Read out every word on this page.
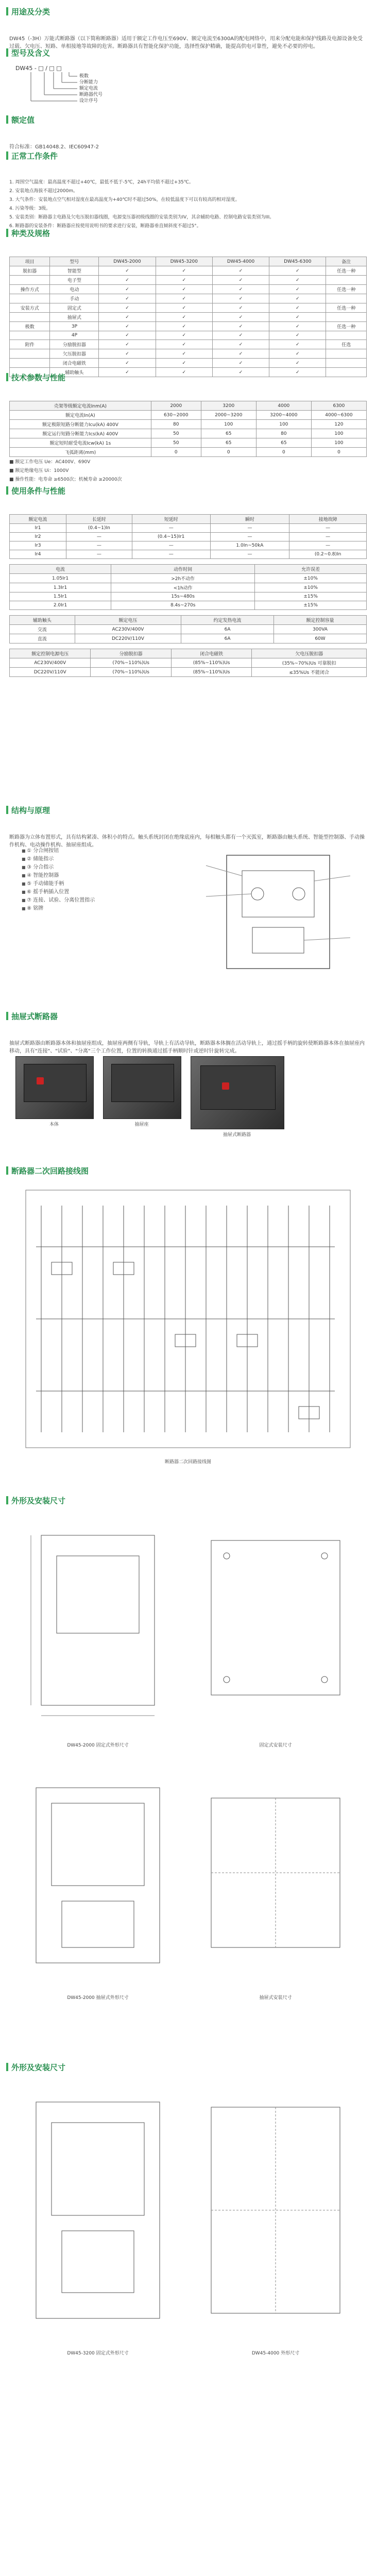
用途及分类
DW45（-3H）万能式断路器（以下简称断路器）适用于额定工作电压至690V、额定电流至6300A的配电网络中，用来分配电能和保护线路及电源设备免受过载、欠电压、短路、单相接地等故障的危害。断路器具有智能化保护功能，选择性保护精确，能提高供电可靠性，避免不必要的停电。
型号及含义
DW45 - □ / □ □
极数
分断能力
额定电流
断路器代号
设计序号
额定值
符合标准：GB14048.2、IEC60947-2
正常工作条件
1. 周围空气温度：最高温度不超过+40℃，最低不低于-5℃，24h平均值不超过+35℃。
2. 安装地点海拔不超过2000m。
3. 大气条件：安装地点空气相对湿度在最高温度为+40℃时不超过50%，在较低温度下可以有较高的相对湿度。
4. 污染等级：3级。
5. 安装类别：断路器主电路及欠电压脱扣器线圈，电源变压器初级线圈的安装类别为IV，其余辅助电路、控制电路安装类别为III。
6. 断路器的安装条件：断路器应按使用说明书的要求进行安装，断路器垂直倾斜度不超过5°。
种类及规格
项目	型号	DW45-2000	DW45-3200	DW45-4000	DW45-6300	备注
脱扣器	智能型	✓	✓	✓	✓	任选一种
	电子型	✓	✓	✓	✓	
操作方式	电动	✓	✓	✓	✓	任选一种
	手动	✓	✓	✓	✓	
安装方式	固定式	✓	✓	✓	✓	任选一种
	抽屉式	✓	✓	✓	✓	
极数	3P	✓	✓	✓	✓	任选一种
	4P	✓	✓	✓	✓	
附件	分励脱扣器	✓	✓	✓	✓	任选
	欠压脱扣器	✓	✓	✓	✓	
	闭合电磁铁	✓	✓	✓	✓	
	辅助触头	✓	✓	✓	✓	
技术参数与性能
壳架等级额定电流Inm(A)	2000	3200	4000	6300
额定电流In(A)	630~2000	2000~3200	3200~4000	4000~6300
额定极限短路分断能力Icu(kA) 400V	80	100	100	120
额定运行短路分断能力Ics(kA) 400V	50	65	80	100
额定短时耐受电流Icw(kA) 1s	50	65	65	100
飞弧距离(mm)	0	0	0	0
■ 额定工作电压 Ue：AC400V、690V
■ 额定绝缘电压 Ui：1000V
■ 操作性能：电寿命 ≥6500次；机械寿命 ≥20000次
使用条件与性能
额定电流	长延时	短延时	瞬时	接地故障
Ir1	(0.4~1)In	—	—	—
Ir2	—	(0.4~15)Ir1	—	—
Ir3	—	—	1.0In~50kA	—
Ir4	—	—	—	(0.2~0.8)In
电流	动作时间	允许误差
1.05Ir1	>2h不动作	±10%
1.3Ir1	<1h动作	±10%
1.5Ir1	15s~480s	±15%
2.0Ir1	8.4s~270s	±15%
辅助触头	额定电压	约定发热电流	额定控制容量
交流	AC230V/400V	6A	300VA
直流	DC220V/110V	6A	60W
额定控制电源电压	分励脱扣器	闭合电磁铁	欠电压脱扣器
AC230V/400V	(70%~110%)Us	(85%~110%)Us	(35%~70%)Us 可靠脱扣
DC220V/110V	(70%~110%)Us	(85%~110%)Us	≤35%Us 不能闭合
结构与原理
断路器为立体布置形式，具有结构紧凑、体积小的特点。触头系统封闭在绝缘底座内，每相触头都有一个灭弧室，断路器由触头系统、智能型控制器、手动操作机构、电动操作机构、抽屉座组成。
■ ① 分合闸按钮
■ ② 储能指示
■ ③ 分合指示
■ ④ 智能控制器
■ ⑤ 手动储能手柄
■ ⑥ 摇手柄插入位置
■ ⑦ 连接、试验、分离位置指示
■ ⑧ 铭牌
抽屉式断路器
抽屉式断路器由断路器本体和抽屉座组成，抽屉座两侧有导轨，导轨上有活动导轨，断路器本体搁在活动导轨上，通过摇手柄的旋转使断路器本体在抽屉座内移动，具有"连接"、"试验"、"分离"三个工作位置，位置的转换通过摇手柄顺时针或逆时针旋转完成。
本体	抽屉座
抽屉式断路器
断路器二次回路接线图
断路器二次回路接线图
外形及安装尺寸
DW45-2000 固定式外形尺寸	固定式安装尺寸
DW45-2000 抽屉式外形尺寸	抽屉式安装尺寸
外形及安装尺寸
DW45-3200 固定式外形尺寸	DW45-4000 外形尺寸
